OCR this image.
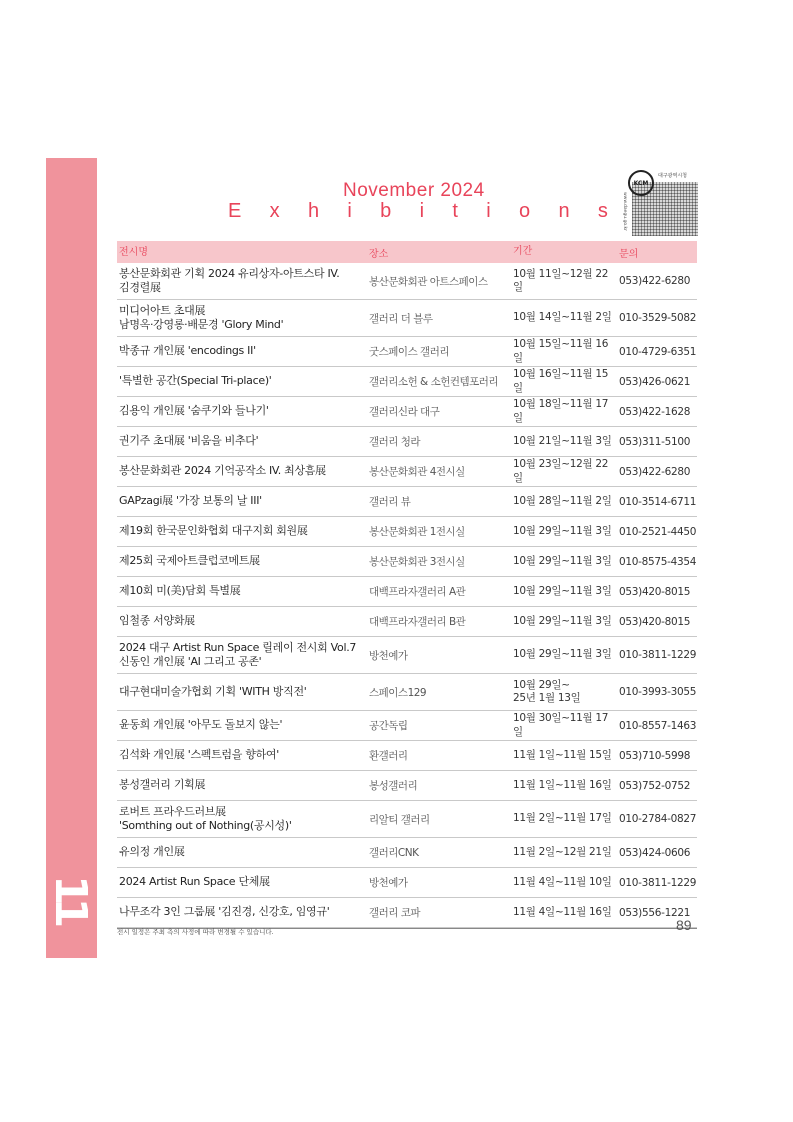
11
November 2024
E x h i b i t i o n s
KCM
대구광역시청
www.daegu.go.kr
전시명	장소	기간	문의
봉산문화회관 기획 2024 유리상자-아트스타 IV.
김경렬展	봉산문화회관 아트스페이스
10월 11일~12월 22일	053)422-6280
미디어아트 초대展
남명옥·강영롱·배문경 'Glory Mind'	갤러리 더 블루	10월 14일~11월 2일 010-3529-5082
박종규 개인展 'encodings II'	굿스페이스 갤러리
10월 15일~11월 16일	010-4729-6351
'특별한 공간(Special Tri-place)'	갤러리소헌 & 소헌컨템포러리
10월 16일~11월 15일	053)426-0621
김용익 개인展 '숨쿠기와 들나기'	갤러리신라 대구
10월 18일~11월 17일	053)422-1628
권기주 초대展 '비움을 비추다'	갤러리 청라	10월 21일~11월 3일 053)311-5100
봉산문화회관 2024 기억공작소 IV. 최상흠展	봉산문화회관 4전시실
10월 23일~12월 22일	053)422-6280
GAPzagi展 '가장 보통의 날 III'	갤러리 뷰	10월 28일~11월 2일 010-3514-6711
제19회 한국문인화협회 대구지회 회원展	봉산문화회관 1전시실	10월 29일~11월 3일 010-2521-4450
제25회 국제아트클럽코메트展	봉산문화회관 3전시실	10월 29일~11월 3일 010-8575-4354
제10회 미(美)담회 특별展	대백프라자갤러리 A관	10월 29일~11월 3일 053)420-8015
임철종 서양화展	대백프라자갤러리 B관	10월 29일~11월 3일 053)420-8015
2024 대구 Artist Run Space 릴레이 전시회 Vol.7
신동인 개인展 'AI 그리고 공존'	방천예가	10월 29일~11월 3일 010-3811-1229
대구현대미술가협회 기획 'WITH 방직전'	스페이스129
10월 29일~
25년 1월 13일	010-3993-3055
윤동희 개인展 '아무도 돌보지 않는'	공간독립
10월 30일~11월 17일	010-8557-1463
김석화 개인展 '스펙트럼을 향하여'	환갤러리	11월 1일~11월 15일 053)710-5998
봉성갤러리 기획展	봉성갤러리	11월 1일~11월 16일 053)752-0752
로버트 프라우드러브展
'Somthing out of Nothing(공시성)'	리알티 갤러리	11월 2일~11월 17일 010-2784-0827
유의정 개인展	갤러리CNK	11월 2일~12월 21일 053)424-0606
2024 Artist Run Space 단체展	방천예가	11월 4일~11월 10일 010-3811-1229
나무조각 3인 그룹展 '김진경, 신강호, 임영규'	갤러리 코파	11월 4일~11월 16일 053)556-1221
전시 일정은 주최 측의 사정에 따라 변경될 수 있습니다.	89
